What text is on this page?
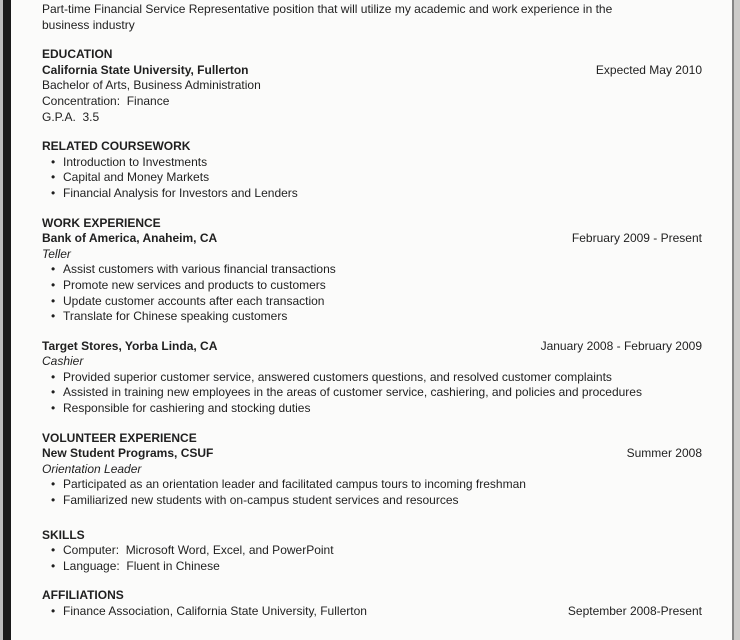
Part-time Financial Service Representative position that will utilize my academic and work experience in the
business industry
EDUCATION
California State University, Fullerton	Expected May 2010
Bachelor of Arts, Business Administration
Concentration:  Finance
G.P.A.  3.5
RELATED COURSEWORK
• Introduction to Investments
• Capital and Money Markets
• Financial Analysis for Investors and Lenders
WORK EXPERIENCE
Bank of America, Anaheim, CA	February 2009 - Present
Teller
• Assist customers with various financial transactions
• Promote new services and products to customers
• Update customer accounts after each transaction
• Translate for Chinese speaking customers
Target Stores, Yorba Linda, CA	January 2008 - February 2009
Cashier
• Provided superior customer service, answered customers questions, and resolved customer complaints
• Assisted in training new employees in the areas of customer service, cashiering, and policies and procedures
• Responsible for cashiering and stocking duties
VOLUNTEER EXPERIENCE
New Student Programs, CSUF	Summer 2008
Orientation Leader
• Participated as an orientation leader and facilitated campus tours to incoming freshman
• Familiarized new students with on-campus student services and resources
SKILLS
• Computer:  Microsoft Word, Excel, and PowerPoint
• Language:  Fluent in Chinese
AFFILIATIONS
• Finance Association, California State University, Fullerton	September 2008-Present
